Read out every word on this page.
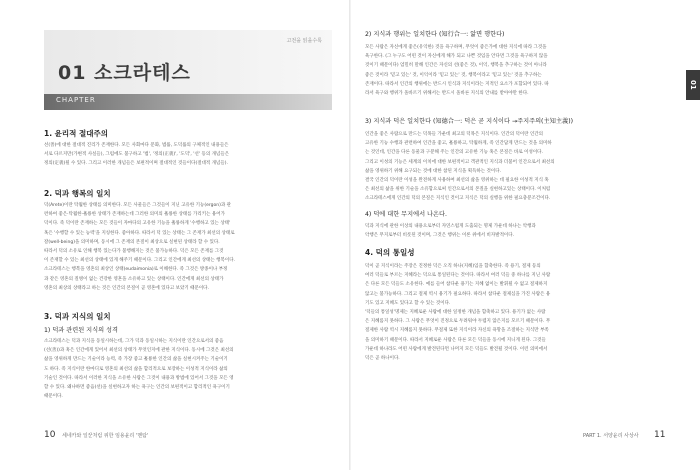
고전을 읽을수록
01 소크라테스
CHAPTER
1. 윤리적 절대주의
선(善)에 대한 절대적 진리가 존재한다. 모든 사회마다 문화, 법률, 도덕률의 구체적인 내용들은
서로 다르지만(가변적 사실들), 그럼에도 불구하고 '법', '정의(正義)', '도덕', '선' 등의 개념들은
정의(定義)될 수 있다. 그리고 이러한 개념들은 보편적이며 절대적인 것들이다(절대적 개념들).
2. 덕과 행복의 일치
덕(Arete)이란 탁월한 상태를 의미한다. 모든 사물들은 그것들이 지닌 고유한 기능(ergon)과 관
련하여 좋은·탁월한·훌륭한 상태가 존재하는데 그러한 의미의 훌륭한 상태를 가리키는 용어가
덕이다. 즉 덕이란 존재하는 모든 것들이 자마다의 고유한 기능을 훌륭하게 '수행하고 있는 상태'
혹은 '수행할 수 있는 능력'을 지칭한다. 좋아하다. 따라서 덕 있는 상태는 그 존재가 최선의 상태로
잘(well-being)을 의미하며, 동시에 그 존재의 본질이 최상으로 실현된 상태라 할 수 있다.
따라서 덕의 소유로 인해 행복 있는다가 불행해지는 것은 불가능하다. 덕은 모든 존재를 그것
이 존재할 수 있는 최선의 상태에 있게 해주기 때문이다. 그리고 인간에게 최선의 상태는 행복이다.
소크라테스는 행복을 영혼의 최상인 상태(eudaimonia)로 이해한다. 즉 그것은 방종이나 부정
과 같은 영혼의 질병이 없는 건강한 영혼을 소유하고 있는 상태이다. 인간에게 최선의 상태가
영혼의 최상의 상태라고 하는 것은 인간의 본질이 곧 영혼에 있다고 보았기 때문이다.
3. 덕과 지식의 일치
1) 덕과 관련된 지식의 성격
소크라테스는 덕과 지식을 동일시하는데, 그가 덕과 동일시하는 지식이란 인간으로서의 좋음
(선(善))과 혹은 인간에게 있어서 최선의 상태가 무엇인지에 관한 지식이다. 동시에 그것은 최선의
삶을 영위하게 만드는 기술이라 능력, 즉 가장 좋고 훌륭한 인간의 삶을 실현시켜주는 기술이기
도 하다. 즉 지식이란 한마디로 영혼의 최선의 삶을 합리적으로 보장하는 이성적 지식이라 삶의
기술인 것이다. 따라서 이러한 지식을 소유한 사람은 그것이 내용과 방법에 있어서 그것을 모든 영
할 수 있다. 왜냐하면 좋음(선)을 실현하고자 하는 욕구는 인간의 보편적이고 합리적인 욕구이기
때문이다.
10 세네카와 일꾼처럼 위한 임용윤리 '멘탐'
2) 지식과 행위는 일치한다 (知行合一: 앎면 행한다)
모든 사람은 자신에게 좋은(유익한) 것을 욕구하며, 무엇이 좋은가에 대한 지식에 따라 그것을
욕구한다. (그 누구도 어떤 것이 자신에게 해가 되고 나쁜 것임을 안다면 그것을 욕구하지 않을
것이기 때문이다) 엄밀히 말해 인간은 자신의 선(좋은 것), 이익, 행복을 추구하는 것이 아니라
좋은 것이라 '믿고 있는' 것, 이익이라 '믿고 있는' 것, 행복이라고 '믿고 있는' 것을 추구하는
존재이다. 따라서 인간의 행위에는 반드시 인식과 지식이라는 지적인 요소가 포함되어 있다. 따
라서 욕구와 행위가 올바르기 위해서는 반드시 올바른 지식의 안내를 받아야만 한다.
3) 지식과 덕은 일치한다 (知德合一: 덕은 곧 지식이다 →주지주의(主知主義))
인간을 좋은 사람으로 만드는 덕목들 가운데 최고의 덕목은 지식이다. 인간의 덕이란 인간의
고유한 기능 수행과 관련하여 인간을 좋고, 훌륭하고, 탁월하게, 즉 인간답게 만드는 것을 의미하
는 것인데, 인간을 다른 동물과 구분해 주는 인간의 고유한 기능 혹은 본질은 바로 이성이다.
그리고 이성의 기능은 세계의 이치에 대한 보편적이고 객관적인 지식과 더불어 인간으로서 최선의
삶을 영위하기 위해 요구되는 것에 대한 참된 지식을 획득하는 것이다.
결국 인간의 덕이란 이성을 완전하게 사용하여 최선의 삶을 영위하는 데 필요한 이성적 지식 혹
은 최선의 삶을 위한 기술을 소유함으로써 인간으로서의 본질을 실현하고있는 상태이다. 이처럼
소크라테스에게 인간의 덕의 본질은 지식인 것이고 지식은 덕의 실행을 위한 필요충분조건이다.
4) 덕에 대한 무지에서 나온다.
덕과 지식에 관한 이상의 내용으로부터 자연스럽게 도출되는 명제 가운데 하나는 악행과
악행은 무지로부터 비롯된 것이며, 그것은 행위는 이론 위에서 비자발적이다.
4. 덕의 통일성
덕이 곧 지식이라는 주장은 진정한 덕은 오직 하나(지혜)임을 함축한다. 즉 용기, 절제 등의
여러 덕들로 부르는 지혜라는 덕으로 통일된다는 것이다. 따라서 여러 덕들 중 하나를 지닌 사람
은 다른 모든 덕들도 소유한다. 예를 들어 참다운 용기는 지혜 없이는 발휘될 수 없고 절제하지
않고는 불가능하다. 그리고 절제 역시 용기가 필요하다. 따라서 참다운 절제심을 가진 사람은 용
기도 있고 지혜도 있다고 할 수 있는 것이다.
'덕들의 통일성'명제는 지혜로운 사람에 대한 일정한 개념을 함축하고 있다. 용기가 없는 사람
은 지혜롭지 못하다. 그 사람은 무엇이 진정으로 두려워야 두렵지 않은지를 모르기 때문이다. 무
절제한 사람 역시 지혜롭지 못하다. 무절제 또한 지식이라 자신의 욕망을 조절하는 지식만 부족
을 의미하기 때문이다. 따라서 지혜로운 사람은 다른 모든 덕들을 동시에 지니게 된다. 그것들
가운데 하나라도 어떤 사람에게 발견된다면 나머지 모든 덕들도 발견될 것이다. 이런 의미에서
덕은 곧 하나이다.
PART 1. 서양윤리 사상사 11
01
